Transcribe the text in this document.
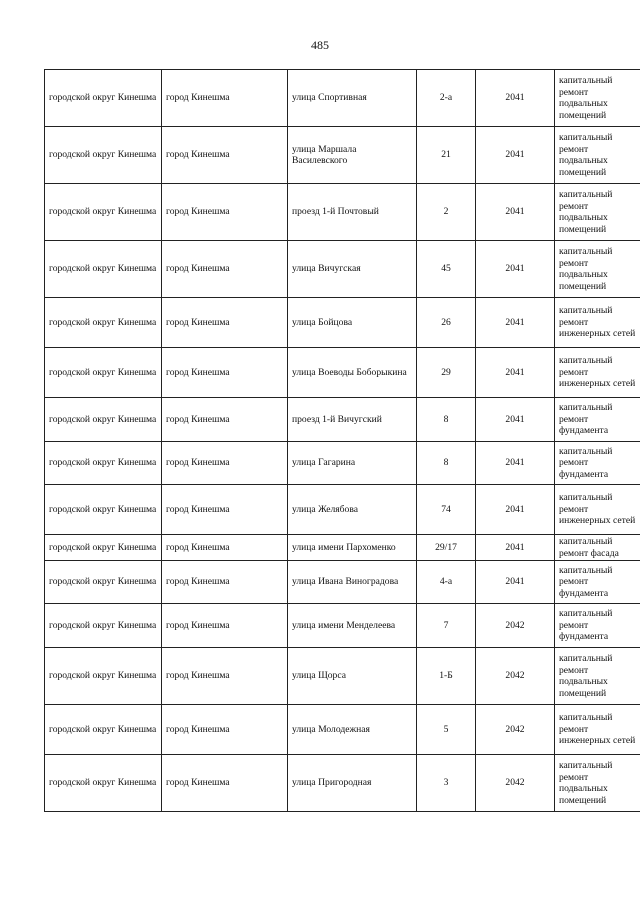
485
городской округ Кинешма	город Кинешма	улица Спортивная	2-а	2041	капитальный ремонт подвальных помещений
городской округ Кинешма	город Кинешма	улица Маршала Василевского	21	2041	капитальный ремонт подвальных помещений
городской округ Кинешма	город Кинешма	проезд 1-й Почтовый	2	2041	капитальный ремонт подвальных помещений
городской округ Кинешма	город Кинешма	улица Вичугская	45	2041	капитальный ремонт подвальных помещений
городской округ Кинешма	город Кинешма	улица Бойцова	26	2041	капитальный ремонт инженерных сетей
городской округ Кинешма	город Кинешма	улица Воеводы Боборыкина	29	2041	капитальный ремонт инженерных сетей
городской округ Кинешма	город Кинешма	проезд 1-й Вичугский	8	2041	капитальный ремонт фундамента
городской округ Кинешма	город Кинешма	улица Гагарина	8	2041	капитальный ремонт фундамента
городской округ Кинешма	город Кинешма	улица Желябова	74	2041	капитальный ремонт инженерных сетей
городской округ Кинешма	город Кинешма	улица имени Пархоменко	29/17	2041	капитальный ремонт фасада
городской округ Кинешма	город Кинешма	улица Ивана Виноградова	4-а	2041	капитальный ремонт фундамента
городской округ Кинешма	город Кинешма	улица имени Менделеева	7	2042	капитальный ремонт фундамента
городской округ Кинешма	город Кинешма	улица Щорса	1-Б	2042	капитальный ремонт подвальных помещений
городской округ Кинешма	город Кинешма	улица Молодежная	5	2042	капитальный ремонт инженерных сетей
городской округ Кинешма	город Кинешма	улица Пригородная	3	2042	капитальный ремонт подвальных помещений
